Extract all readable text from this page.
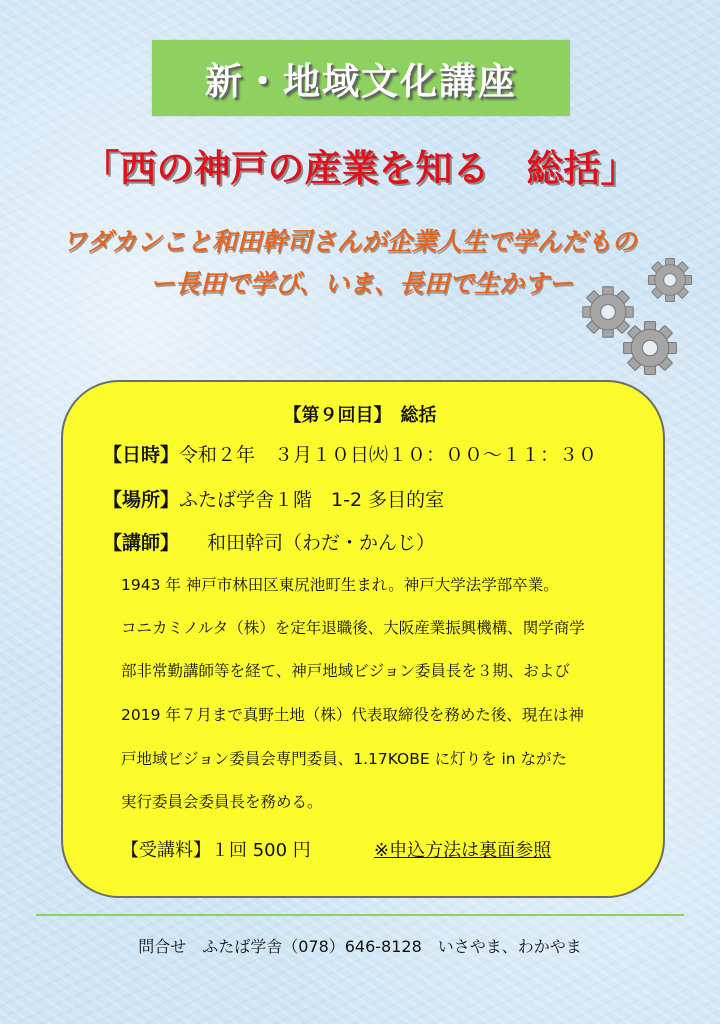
新・地域文化講座
「西の神戸の産業を知る　総括」
ワダカンこと和田幹司さんが企業人生で学んだもの
ー長田で学び、いま、長田で生かすー
【第９回目】　総括
【日時】令和２年　３月１０日㈫１０：００～１１：３０
【場所】ふたば学舎１階　1-2 多目的室
【講師】 和田幹司（わだ・かんじ）
1943 年 神戸市林田区東尻池町生まれ。神戸大学法学部卒業。
コニカミノルタ（株）を定年退職後、大阪産業振興機構、関学商学
部非常勤講師等を経て、神戸地域ビジョン委員長を３期、および
2019 年７月まで真野土地（株）代表取締役を務めた後、現在は神
戸地域ビジョン委員会専門委員、1.17KOBE に灯りを in ながた
実行委員会委員長を務める。
【受講料】１回 500 円	※申込方法は裏面参照
問合せ　ふたば学舎（078）646-8128　いさやま、わかやま
